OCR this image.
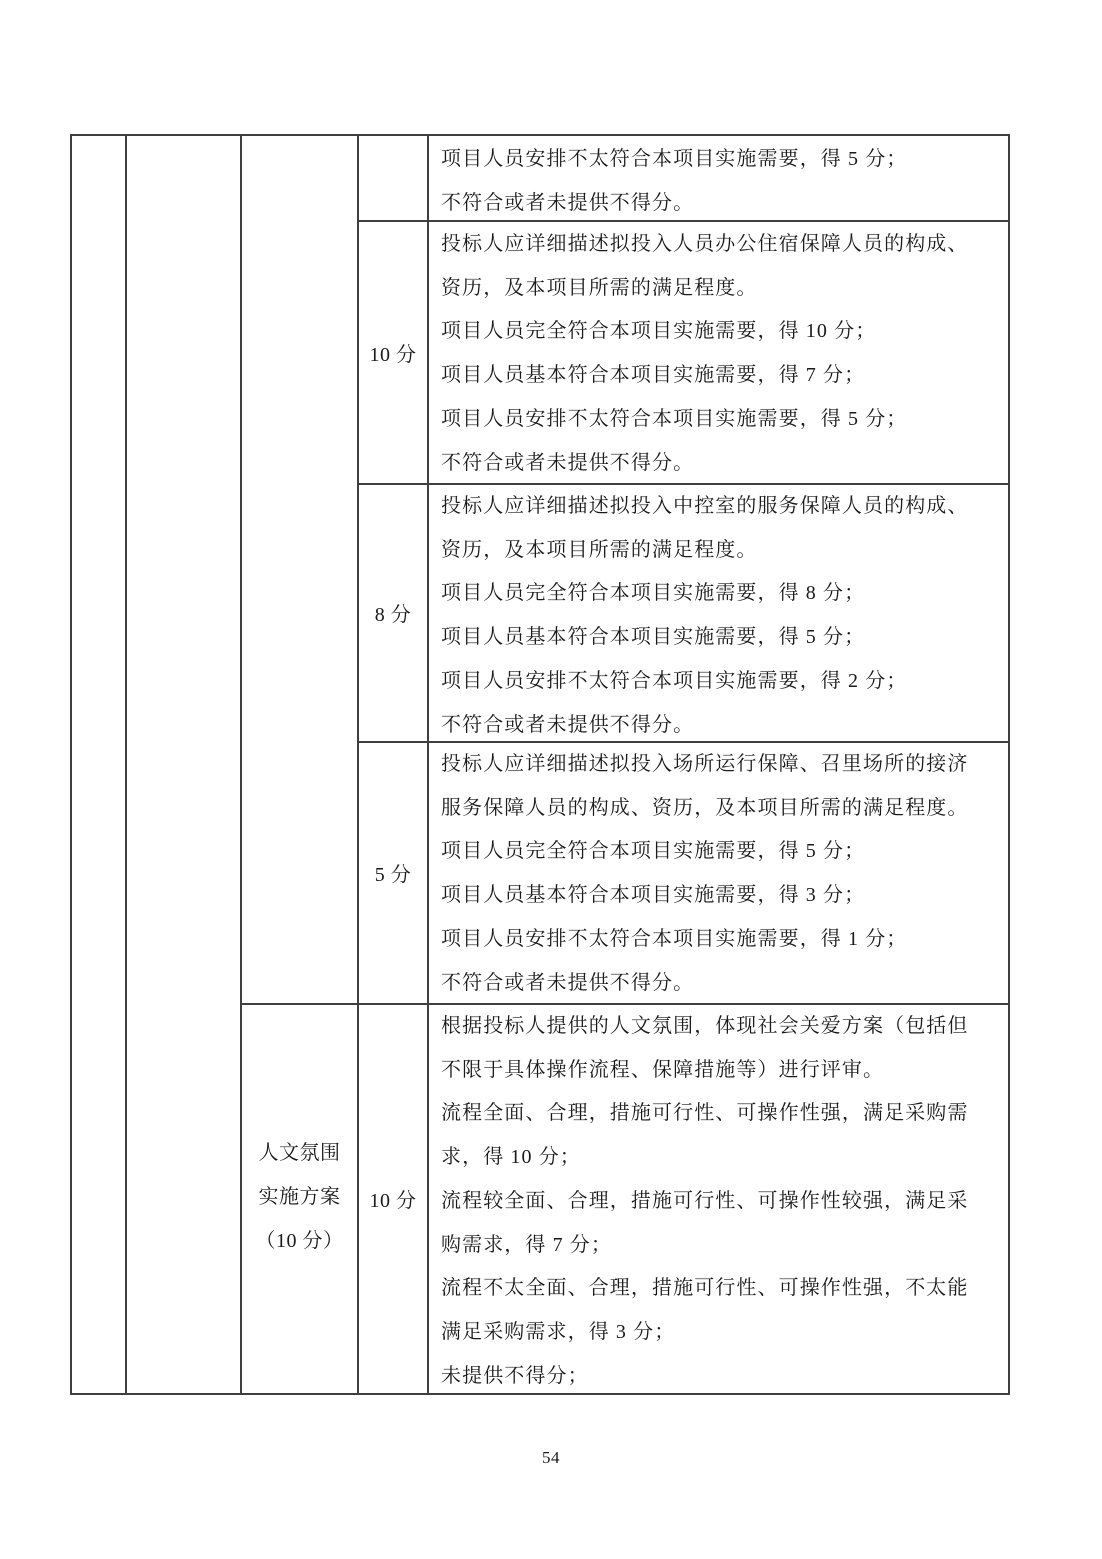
项目人员安排不太符合本项目实施需要，得 5 分；
不符合或者未提供不得分。
10 分
投标人应详细描述拟投入人员办公住宿保障人员的构成、
资历，及本项目所需的满足程度。
项目人员完全符合本项目实施需要，得 10 分；
项目人员基本符合本项目实施需要，得 7 分；
项目人员安排不太符合本项目实施需要，得 5 分；
不符合或者未提供不得分。
8 分
投标人应详细描述拟投入中控室的服务保障人员的构成、
资历，及本项目所需的满足程度。
项目人员完全符合本项目实施需要，得 8 分；
项目人员基本符合本项目实施需要，得 5 分；
项目人员安排不太符合本项目实施需要，得 2 分；
不符合或者未提供不得分。
5 分
投标人应详细描述拟投入场所运行保障、召里场所的接济
服务保障人员的构成、资历，及本项目所需的满足程度。
项目人员完全符合本项目实施需要，得 5 分；
项目人员基本符合本项目实施需要，得 3 分；
项目人员安排不太符合本项目实施需要，得 1 分；
不符合或者未提供不得分。
人文氛围
实施方案
（10 分）
10 分
根据投标人提供的人文氛围，体现社会关爱方案（包括但
不限于具体操作流程、保障措施等）进行评审。
流程全面、合理，措施可行性、可操作性强，满足采购需
求，得 10 分；
流程较全面、合理，措施可行性、可操作性较强，满足采
购需求，得 7 分；
流程不太全面、合理，措施可行性、可操作性强，不太能
满足采购需求，得 3 分；
未提供不得分；
54
